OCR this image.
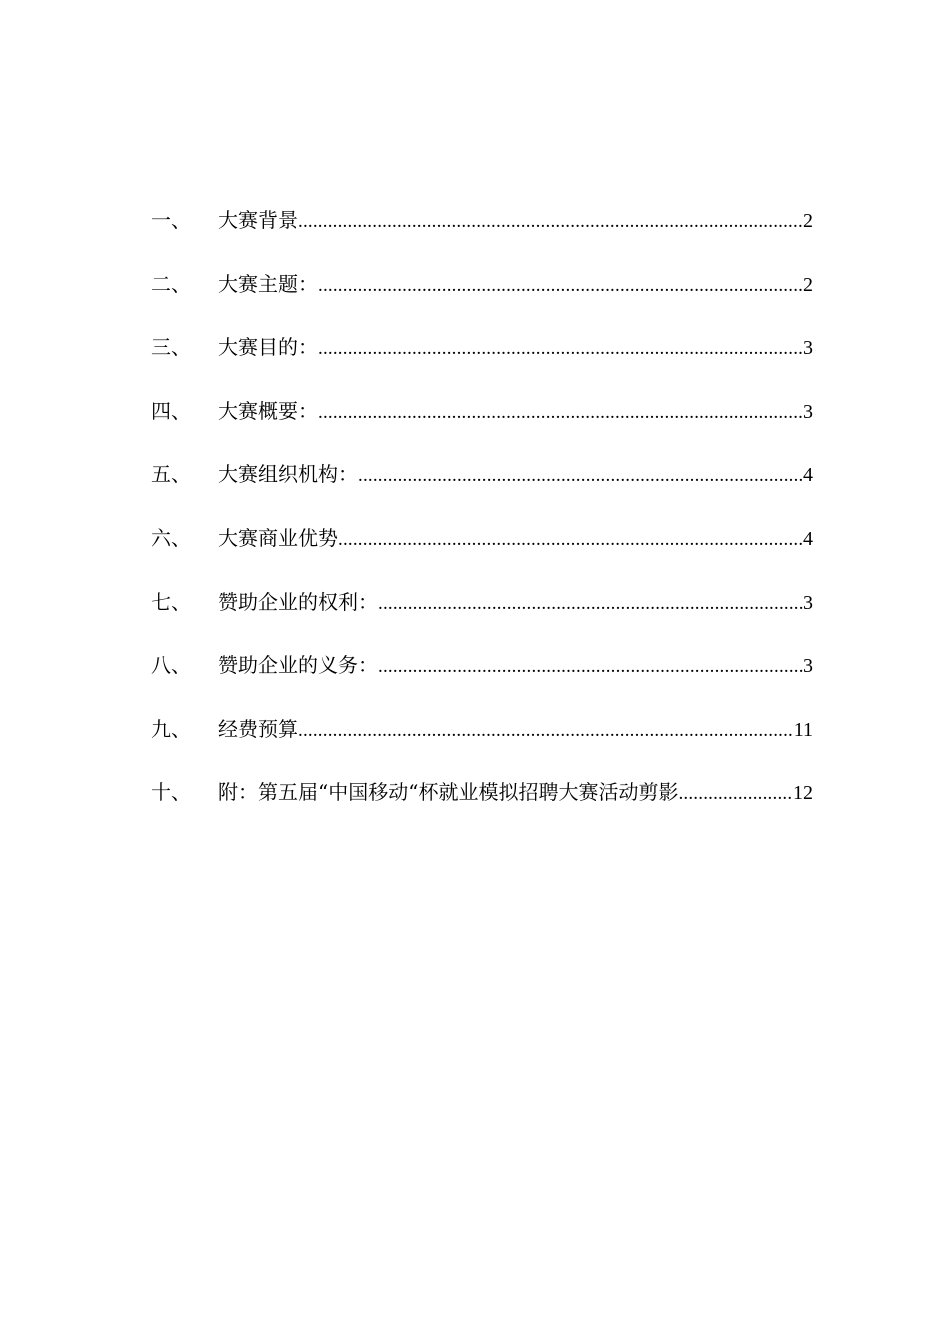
一、	大赛背景 .....	2
二、	大赛主题： .....	2
三、	大赛目的： .....	3
四、	大赛概要： .....	3
五、	大赛组织机构： .....	4
六、	大赛商业优势 .....	4
七、	赞助企业的权利： .....	3
八、	赞助企业的义务： .....	3
九、	经费预算 .....	11
十、	附：第五届“中国移动“杯就业模拟招聘大赛活动剪影 .....	12
